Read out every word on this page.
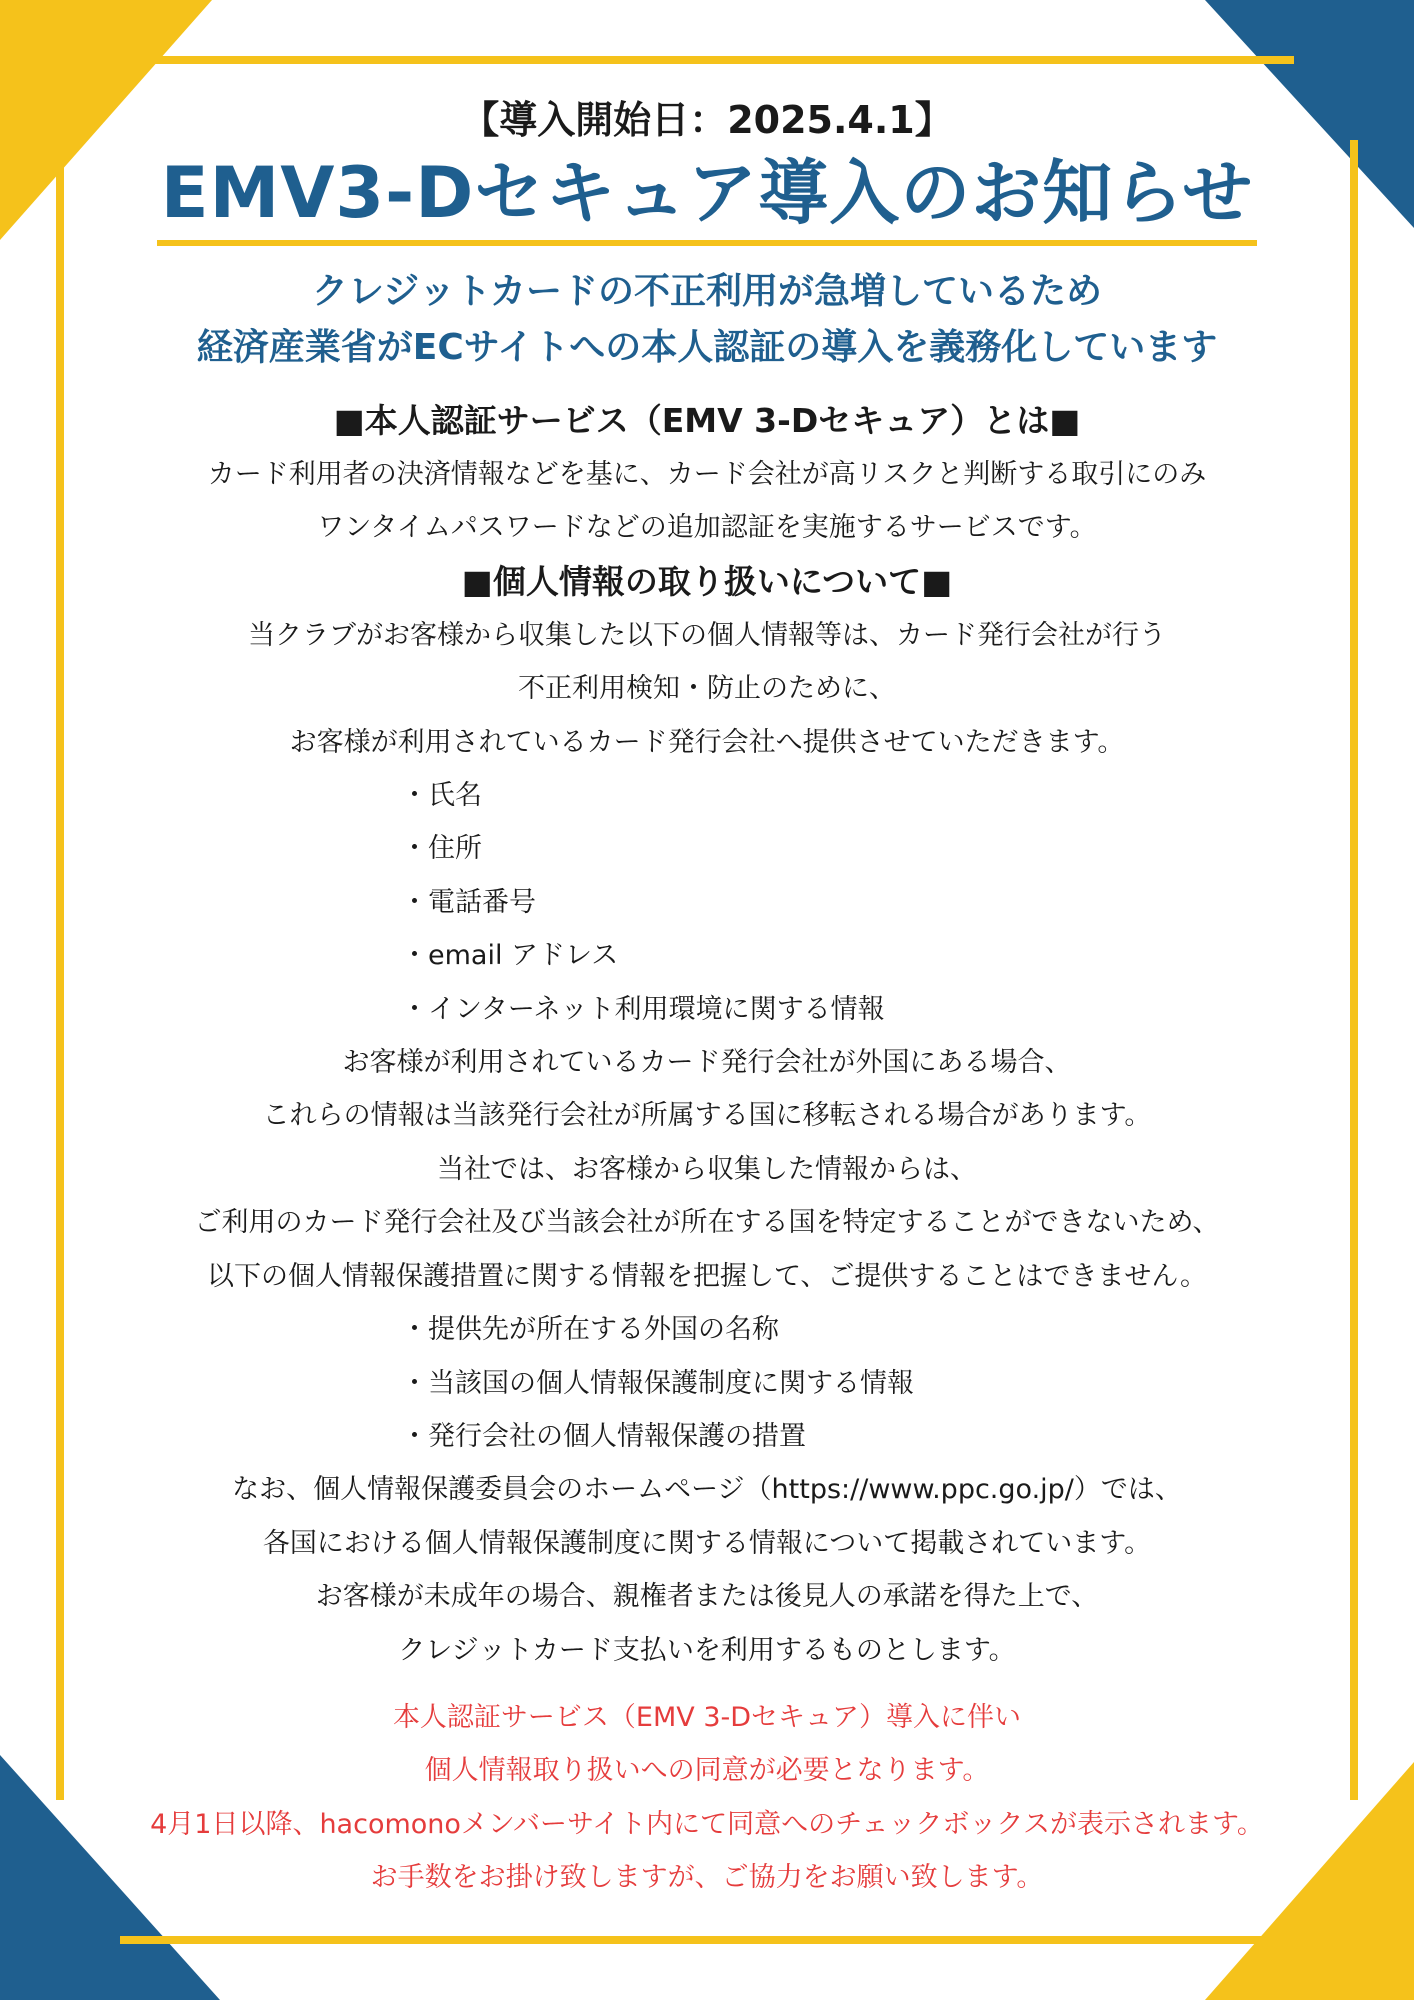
【導入開始日：2025.4.1】
EMV3-Dセキュア導入のお知らせ
クレジットカードの不正利用が急増しているため
経済産業省がECサイトへの本人認証の導入を義務化しています
■本人認証サービス（EMV 3-Dセキュア）とは■
カード利用者の決済情報などを基に、カード会社が高リスクと判断する取引にのみ
ワンタイムパスワードなどの追加認証を実施するサービスです。
■個人情報の取り扱いについて■
当クラブがお客様から収集した以下の個人情報等は、カード発行会社が行う
不正利用検知・防止のために、
お客様が利用されているカード発行会社へ提供させていただきます。
・氏名
・住所
・電話番号
・email アドレス
・インターネット利用環境に関する情報
お客様が利用されているカード発行会社が外国にある場合、
これらの情報は当該発行会社が所属する国に移転される場合があります。
当社では、お客様から収集した情報からは、
ご利用のカード発行会社及び当該会社が所在する国を特定することができないため、
以下の個人情報保護措置に関する情報を把握して、ご提供することはできません。
・提供先が所在する外国の名称
・当該国の個人情報保護制度に関する情報
・発行会社の個人情報保護の措置
なお、個人情報保護委員会のホームページ（https://www.ppc.go.jp/）では、
各国における個人情報保護制度に関する情報について掲載されています。
お客様が未成年の場合、親権者または後見人の承諾を得た上で、
クレジットカード支払いを利用するものとします。
本人認証サービス（EMV 3-Dセキュア）導入に伴い
個人情報取り扱いへの同意が必要となります。
4月1日以降、hacomonoメンバーサイト内にて同意へのチェックボックスが表示されます。
お手数をお掛け致しますが、ご協力をお願い致します。
